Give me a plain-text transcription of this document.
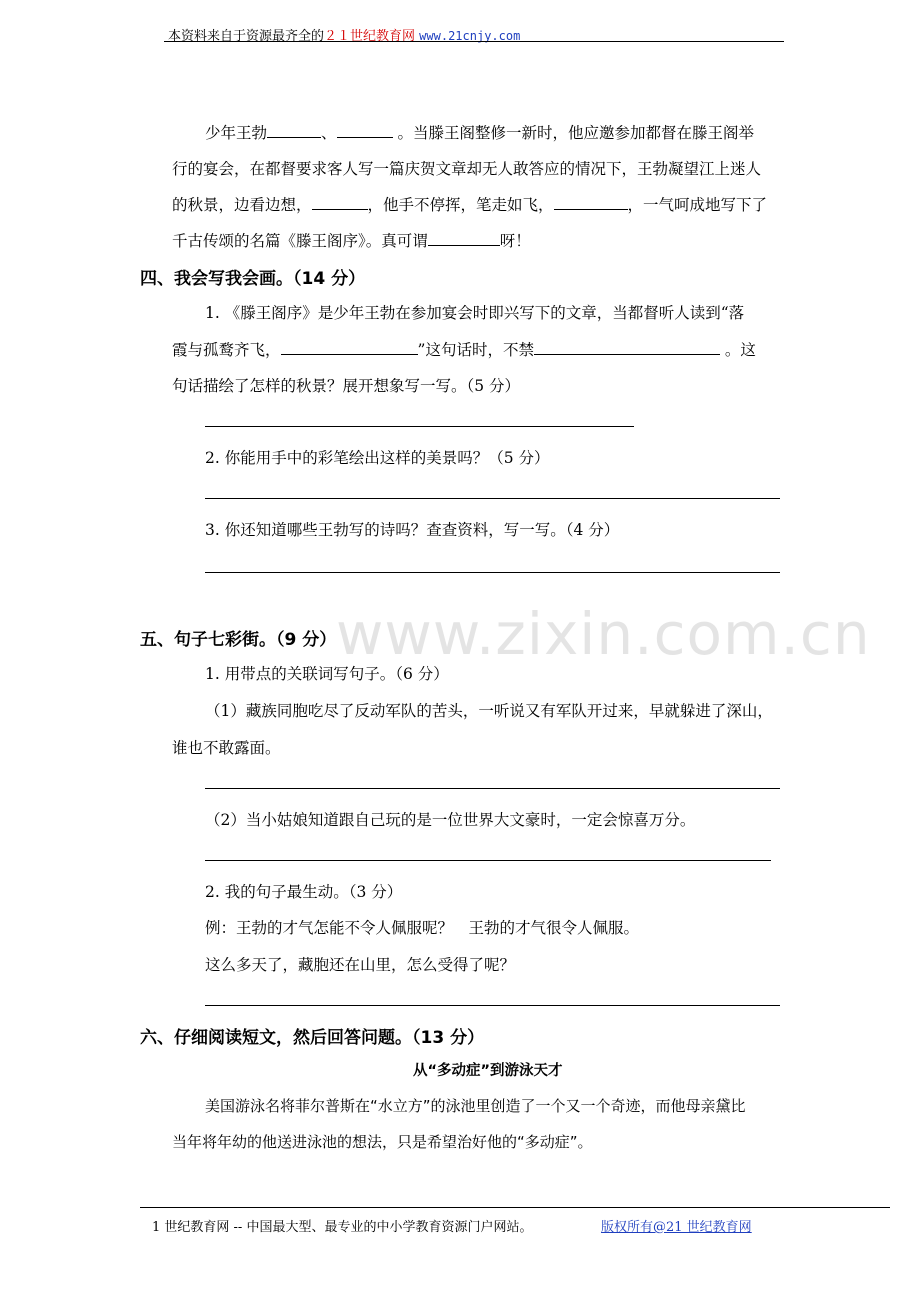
本资料来自于资源最齐全的２１世纪教育网 www.21cnjy.com
www.zixin.com.cn
少年王勃	、	。当滕王阁整修一新时，他应邀参加都督在滕王阁举
行的宴会，在都督要求客人写一篇庆贺文章却无人敢答应的情况下，王勃凝望江上迷人
的秋景，边看边想，	，他手不停挥，笔走如飞，	，一气呵成地写下了
千古传颂的名篇《滕王阁序》。真可谓	呀！
四、我会写我会画。（14 分）
1. 《滕王阁序》是少年王勃在参加宴会时即兴写下的文章，当都督听人读到“落
霞与孤鹜齐飞，	”这句话时，不禁	。这
句话描绘了怎样的秋景？展开想象写一写。（5 分）
2. 你能用手中的彩笔绘出这样的美景吗？（5 分）
3. 你还知道哪些王勃写的诗吗？查查资料，写一写。（4 分）
五、句子七彩街。（9 分）
1. 用带点的关联词写句子。（6 分）
（1）藏族同胞吃尽了反动军队的苦头，一听说又有军队开过来，早就躲进了深山，
谁也不敢露面。
（2）当小姑娘知道跟自己玩的是一位世界大文豪时，一定会惊喜万分。
2. 我的句子最生动。（3 分）
例：王勃的才气怎能不令人佩服呢？　王勃的才气很令人佩服。
这么多天了，藏胞还在山里，怎么受得了呢？
六、仔细阅读短文，然后回答问题。（13 分）
从“多动症”到游泳天才
美国游泳名将菲尔普斯在“水立方”的泳池里创造了一个又一个奇迹，而他母亲黛比
当年将年幼的他送进泳池的想法，只是希望治好他的“多动症”。
1 世纪教育网 -- 中国最大型、最专业的中小学教育资源门户网站。	版权所有@21 世纪教育网
